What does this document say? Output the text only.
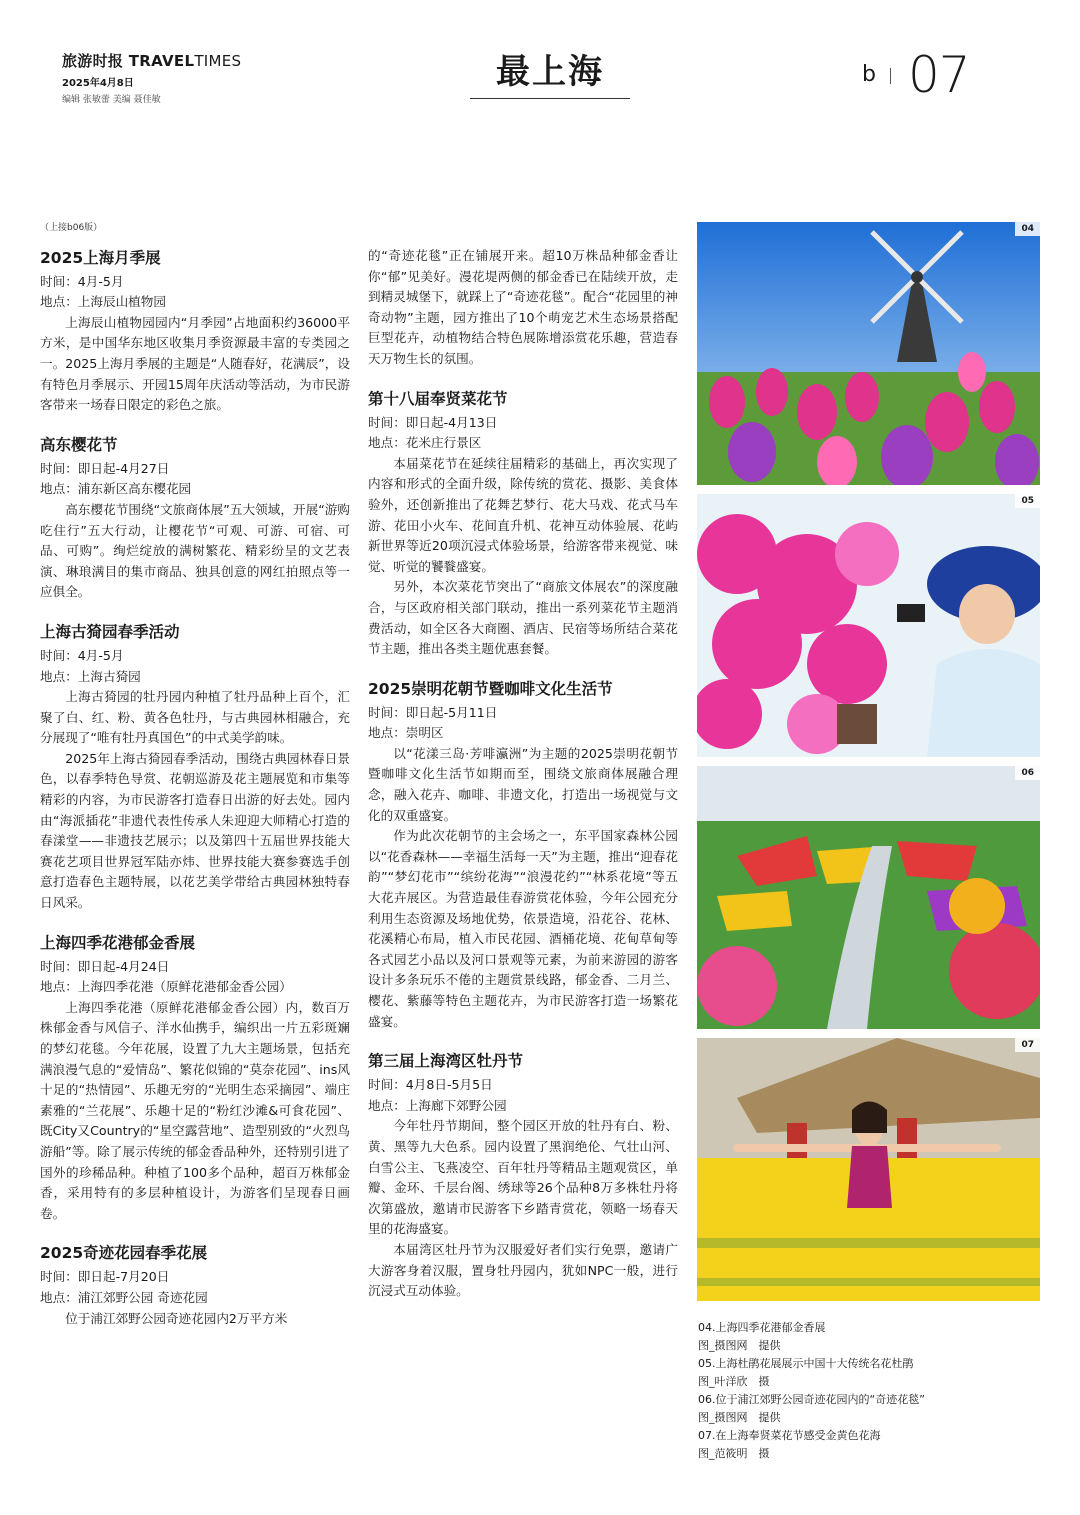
旅游时报 TRAVELTIMES
2025年4月8日
编辑 张敏蕾 美编 聂佳敏
最上海	b 07
（上接b06版）
2025上海月季展
时间：4月-5月
地点：上海辰山植物园

上海辰山植物园园内“月季园”占地面积约36000平方米，是中国华东地区收集月季资源最丰富的专类园之一。2025上海月季展的主题是“人随春好，花满辰”，设有特色月季展示、开园15周年庆活动等活动，为市民游客带来一场春日限定的彩色之旅。

高东樱花节
时间：即日起-4月27日
地点：浦东新区高东樱花园

高东樱花节围绕“文旅商体展”五大领域，开展“游购吃住行”五大行动，让樱花节“可观、可游、可宿、可品、可购”。绚烂绽放的满树繁花、精彩纷呈的文艺表演、琳琅满目的集市商品、独具创意的网红拍照点等一应俱全。

上海古猗园春季活动
时间：4月-5月
地点：上海古猗园

上海古猗园的牡丹园内种植了牡丹品种上百个，汇聚了白、红、粉、黄各色牡丹，与古典园林相融合，充分展现了“唯有牡丹真国色”的中式美学韵味。

2025年上海古猗园春季活动，围绕古典园林春日景色，以春季特色导赏、花朝巡游及花主题展览和市集等精彩的内容，为市民游客打造春日出游的好去处。园内由“海派插花”非遗代表性传承人朱迎迎大师精心打造的春漾堂——非遗技艺展示；以及第四十五届世界技能大赛花艺项目世界冠军陆亦炜、世界技能大赛参赛选手创意打造春色主题特展，以花艺美学带给古典园林独特春日风采。

上海四季花港郁金香展
时间：即日起-4月24日
地点：上海四季花港（原鲜花港郁金香公园）

上海四季花港（原鲜花港郁金香公园）内，数百万株郁金香与风信子、洋水仙携手，编织出一片五彩斑斓的梦幻花毯。今年花展，设置了九大主题场景，包括充满浪漫气息的“爱情岛”、繁花似锦的“莫奈花园”、ins风十足的“热情园”、乐趣无穷的“光明生态采摘园”、端庄素雅的“兰花展”、乐趣十足的“粉红沙滩&可食花园”、既City又Country的“星空露营地”、造型别致的“火烈鸟游船”等。除了展示传统的郁金香品种外，还特别引进了国外的珍稀品种。种植了100多个品种，超百万株郁金香，采用特有的多层种植设计，为游客们呈现春日画卷。

2025奇迹花园春季花展
时间：即日起-7月20日
地点：浦江郊野公园 奇迹花园

位于浦江郊野公园奇迹花园内2万平方米

的“奇迹花毯”正在铺展开来。超10万株品种郁金香让你“郁”见美好。漫花堤两侧的郁金香已在陆续开放，走到精灵城堡下，就踩上了“奇迹花毯”。配合“花园里的神奇动物”主题，园方推出了10个萌宠艺术生态场景搭配巨型花卉，动植物结合特色展陈增添赏花乐趣，营造春天万物生长的氛围。

第十八届奉贤菜花节
时间：即日起-4月13日
地点：花米庄行景区

本届菜花节在延续往届精彩的基础上，再次实现了内容和形式的全面升级，除传统的赏花、摄影、美食体验外，还创新推出了花舞艺梦行、花大马戏、花式马车游、花田小火车、花间直升机、花神互动体验展、花屿新世界等近20项沉浸式体验场景，给游客带来视觉、味觉、听觉的饕餮盛宴。

另外，本次菜花节突出了“商旅文体展农”的深度融合，与区政府相关部门联动，推出一系列菜花节主题消费活动，如全区各大商圈、酒店、民宿等场所结合菜花节主题，推出各类主题优惠套餐。

2025崇明花朝节暨咖啡文化生活节
时间：即日起-5月11日
地点：崇明区

以“花漾三岛·芳啡瀛洲”为主题的2025崇明花朝节暨咖啡文化生活节如期而至，围绕文旅商体展融合理念，融入花卉、咖啡、非遗文化，打造出一场视觉与文化的双重盛宴。

作为此次花朝节的主会场之一，东平国家森林公园以“花香森林——幸福生活每一天”为主题，推出“迎春花韵”“梦幻花市”“缤纷花海”“浪漫花约”“林系花境”等五大花卉展区。为营造最佳春游赏花体验，今年公园充分利用生态资源及场地优势，依景造境，沿花谷、花林、花溪精心布局，植入市民花园、酒桶花境、花甸草甸等各式园艺小品以及河口景观等元素，为前来游园的游客设计多条玩乐不倦的主题赏景线路，郁金香、二月兰、樱花、紫藤等特色主题花卉，为市民游客打造一场繁花盛宴。

第三届上海湾区牡丹节
时间：4月8日-5月5日
地点：上海廊下郊野公园

今年牡丹节期间，整个园区开放的牡丹有白、粉、黄、黑等九大色系。园内设置了黑润绝伦、气壮山河、白雪公主、飞燕凌空、百年牡丹等精品主题观赏区，单瓣、金环、千层台阁、绣球等26个品种8万多株牡丹将次第盛放，邀请市民游客下乡踏青赏花，领略一场春天里的花海盛宴。

本届湾区牡丹节为汉服爱好者们实行免票，邀请广大游客身着汉服，置身牡丹园内，犹如NPC一般，进行沉浸式互动体验。

04
05
06
07
04.上海四季花港郁金香展
图_摄图网　提供
05.上海杜鹃花展展示中国十大传统名花杜鹃
图_叶洋欣　摄
06.位于浦江郊野公园奇迹花园内的“奇迹花毯”
图_摄图网　提供
07.在上海奉贤菜花节感受金黄色花海
图_范筱明　摄
